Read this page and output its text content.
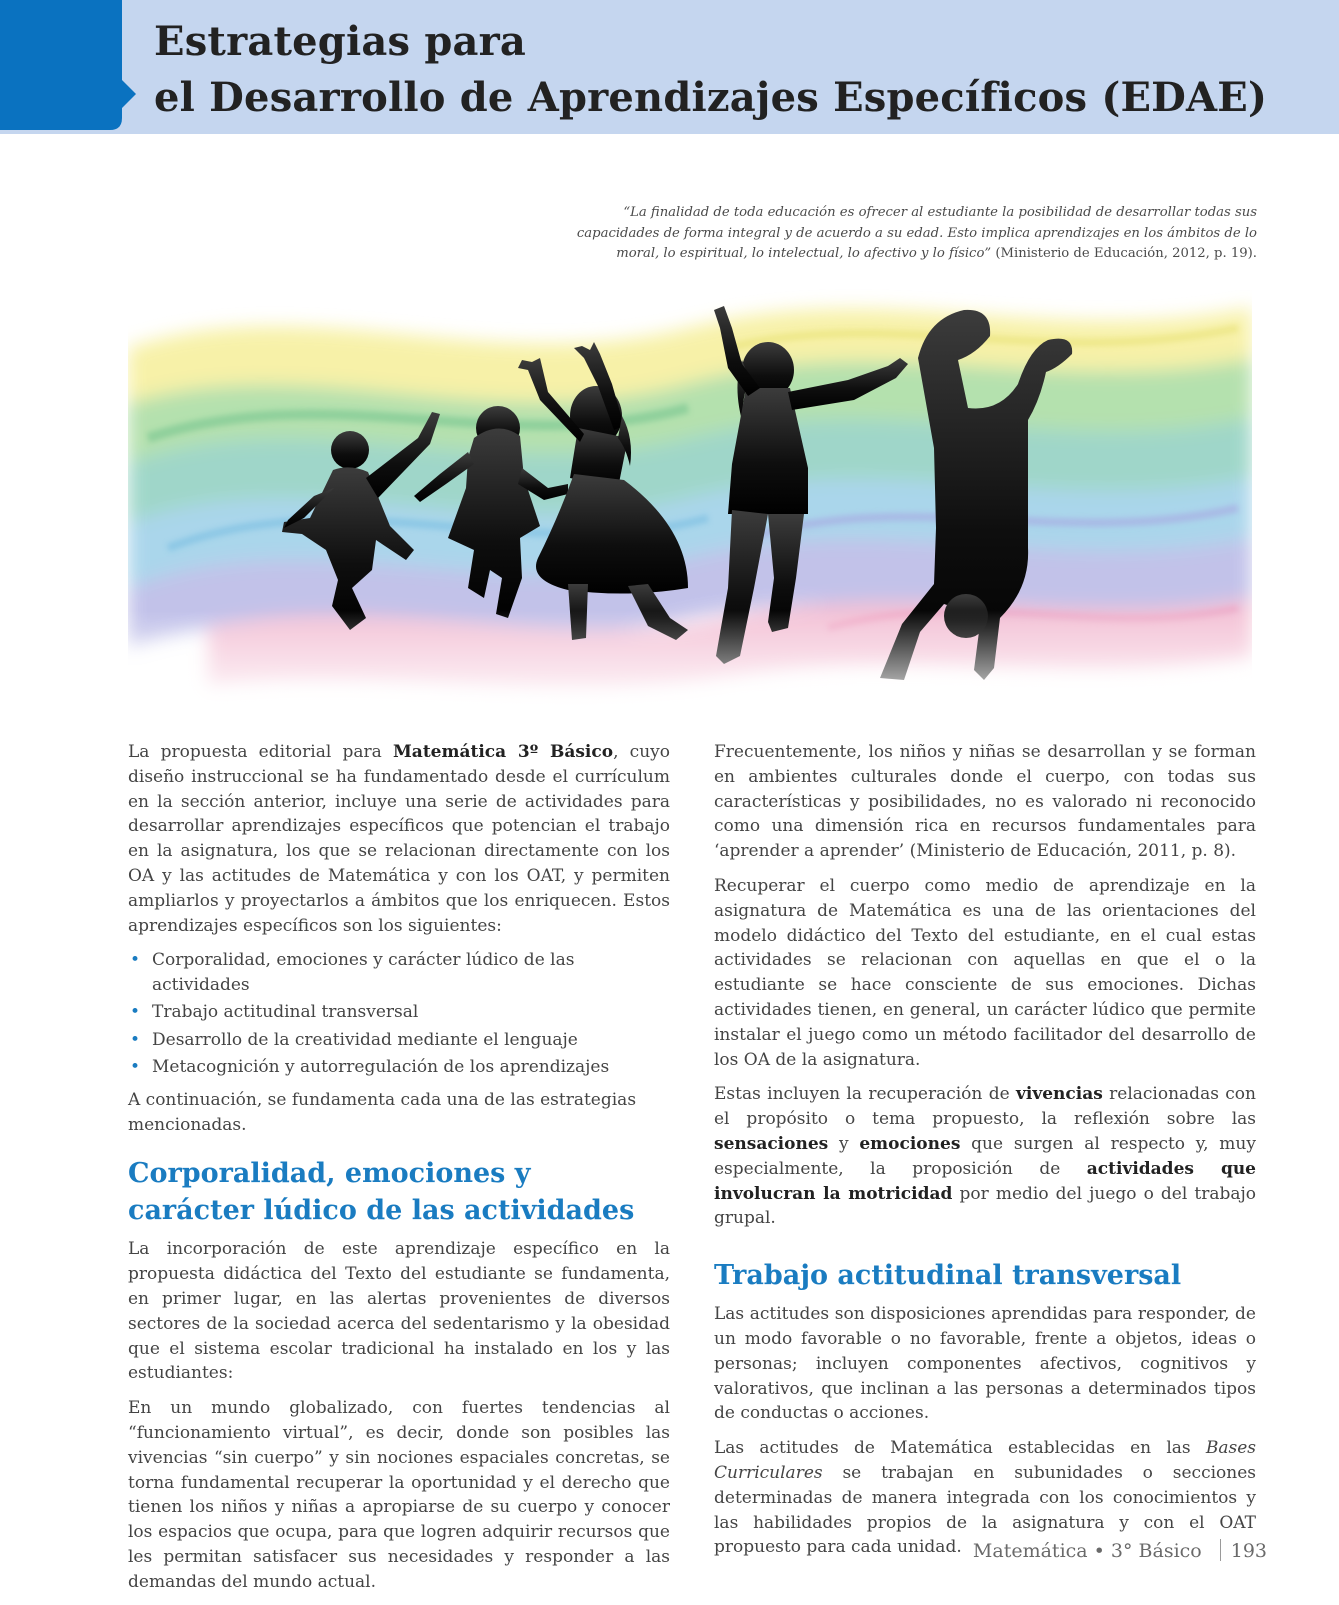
Estrategias para
el Desarrollo de Aprendizajes Específicos (EDAE)

“La finalidad de toda educación es ofrecer al estudiante la posibilidad de desarrollar todas sus capacidades de forma integral y de acuerdo a su edad. Esto implica aprendizajes en los ámbitos de lo moral, lo espiritual, lo intelectual, lo afectivo y lo físico” (Ministerio de Educación, 2012, p. 19).

La propuesta editorial para Matemática 3º Básico, cuyo diseño instruccional se ha fundamentado desde el currículum en la sección anterior, incluye una serie de actividades para desarrollar aprendizajes específicos que potencian el trabajo en la asignatura, los que se relacionan directamente con los OA y las actitudes de Matemática y con los OAT, y permiten ampliarlos y proyectarlos a ámbitos que los enriquecen. Estos aprendizajes específicos son los siguientes:

• Corporalidad, emociones y carácter lúdico de las actividades
• Trabajo actitudinal transversal
• Desarrollo de la creatividad mediante el lenguaje
• Metacognición y autorregulación de los aprendizajes

A continuación, se fundamenta cada una de las estrategias mencionadas.

Corporalidad, emociones y
carácter lúdico de las actividades

La incorporación de este aprendizaje específico en la propuesta didáctica del Texto del estudiante se fundamenta, en primer lugar, en las alertas provenientes de diversos sectores de la sociedad acerca del sedentarismo y la obesidad que el sistema escolar tradicional ha instalado en los y las estudiantes:

En un mundo globalizado, con fuertes tendencias al “funcionamiento virtual”, es decir, donde son posibles las vivencias “sin cuerpo” y sin nociones espaciales concretas, se torna fundamental recuperar la oportunidad y el derecho que tienen los niños y niñas a apropiarse de su cuerpo y conocer los espacios que ocupa, para que logren adquirir recursos que les permitan satisfacer sus necesidades y responder a las demandas del mundo actual.

Frecuentemente, los niños y niñas se desarrollan y se forman en ambientes culturales donde el cuerpo, con todas sus características y posibilidades, no es valorado ni reconocido como una dimensión rica en recursos fundamentales para ‘aprender a aprender’ (Ministerio de Educación, 2011, p. 8).

Recuperar el cuerpo como medio de aprendizaje en la asignatura de Matemática es una de las orientaciones del modelo didáctico del Texto del estudiante, en el cual estas actividades se relacionan con aquellas en que el o la estudiante se hace consciente de sus emociones. Dichas actividades tienen, en general, un carácter lúdico que permite instalar el juego como un método facilitador del desarrollo de los OA de la asignatura.

Estas incluyen la recuperación de vivencias relacionadas con el propósito o tema propuesto, la reflexión sobre las sensaciones y emociones que surgen al respecto y, muy especialmente, la proposición de actividades que involucran la motricidad por medio del juego o del trabajo grupal.

Trabajo actitudinal transversal

Las actitudes son disposiciones aprendidas para responder, de un modo favorable o no favorable, frente a objetos, ideas o personas; incluyen componentes afectivos, cognitivos y valorativos, que inclinan a las personas a determinados tipos de conductas o acciones.

Las actitudes de Matemática establecidas en las Bases Curriculares se trabajan en subunidades o secciones determinadas de manera integrada con los conocimientos y las habilidades propios de la asignatura y con el OAT propuesto para cada unidad. Matemática • 3° Básico 193
